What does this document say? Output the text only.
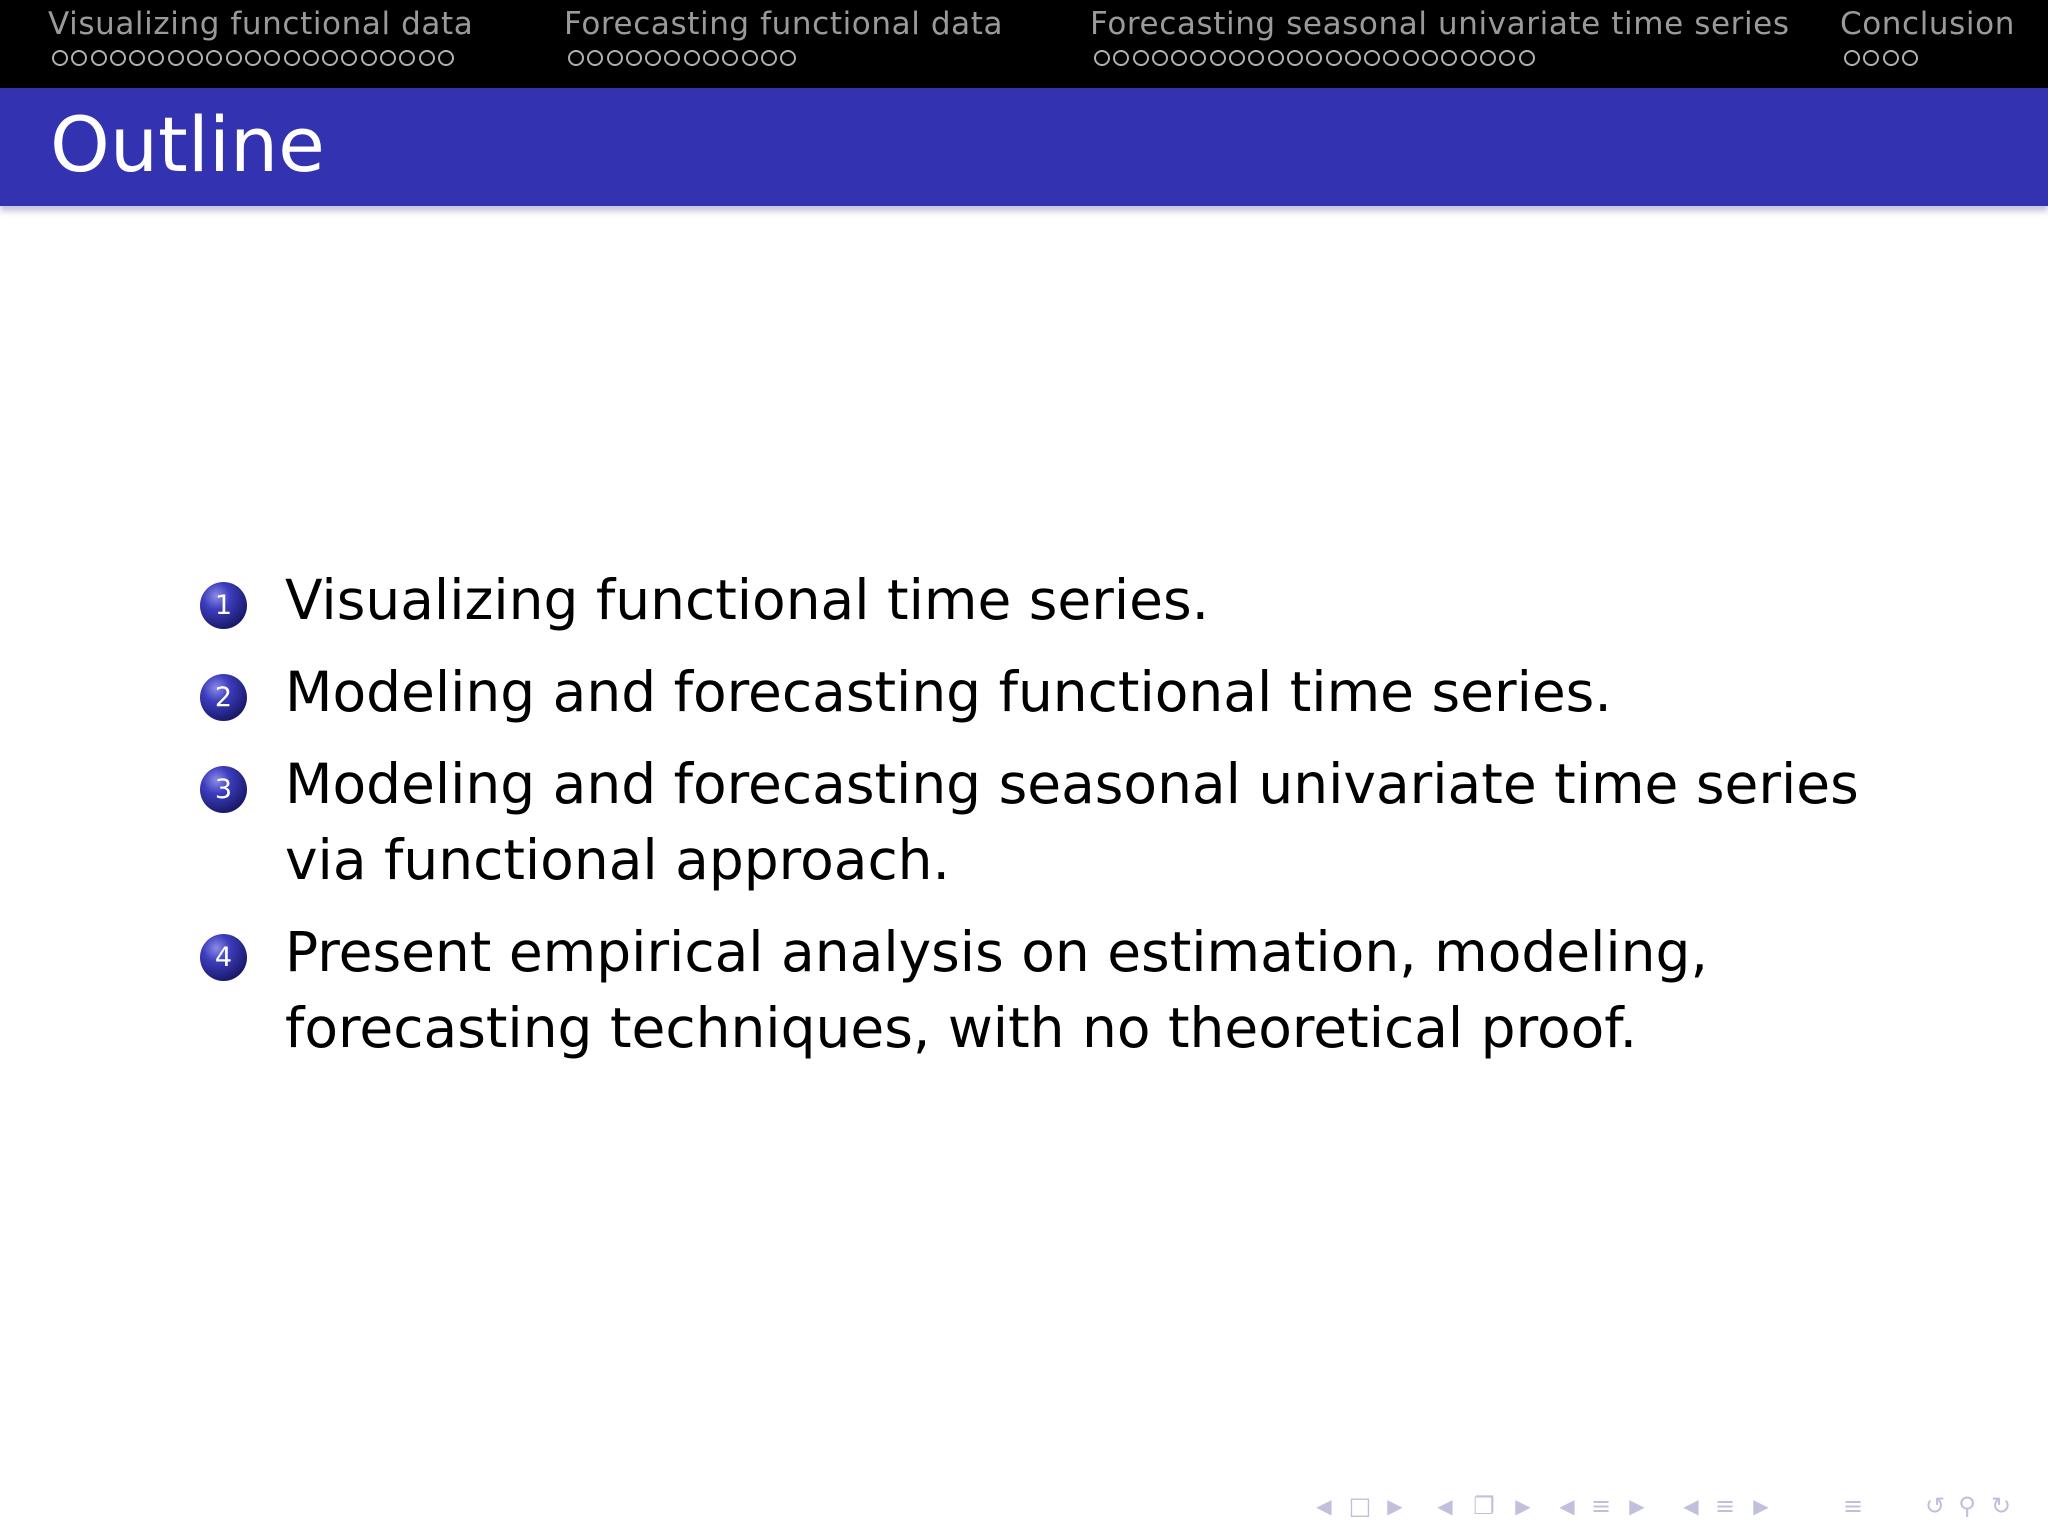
Visualizing functional data	Forecasting functional data	Forecasting seasonal univariate time series Conclusion
Outline
1 Visualizing functional time series.
2 Modeling and forecasting functional time series.
3 Modeling and forecasting seasonal univariate time series via functional approach.
4 Present empirical analysis on estimation, modeling, forecasting techniques, with no theoretical proof.
◀ □ ▶ ◀ ❐	▶ ◀ ≡ ▶ ◀ ≡ ▶	≡	↺ ⚲ ↻
